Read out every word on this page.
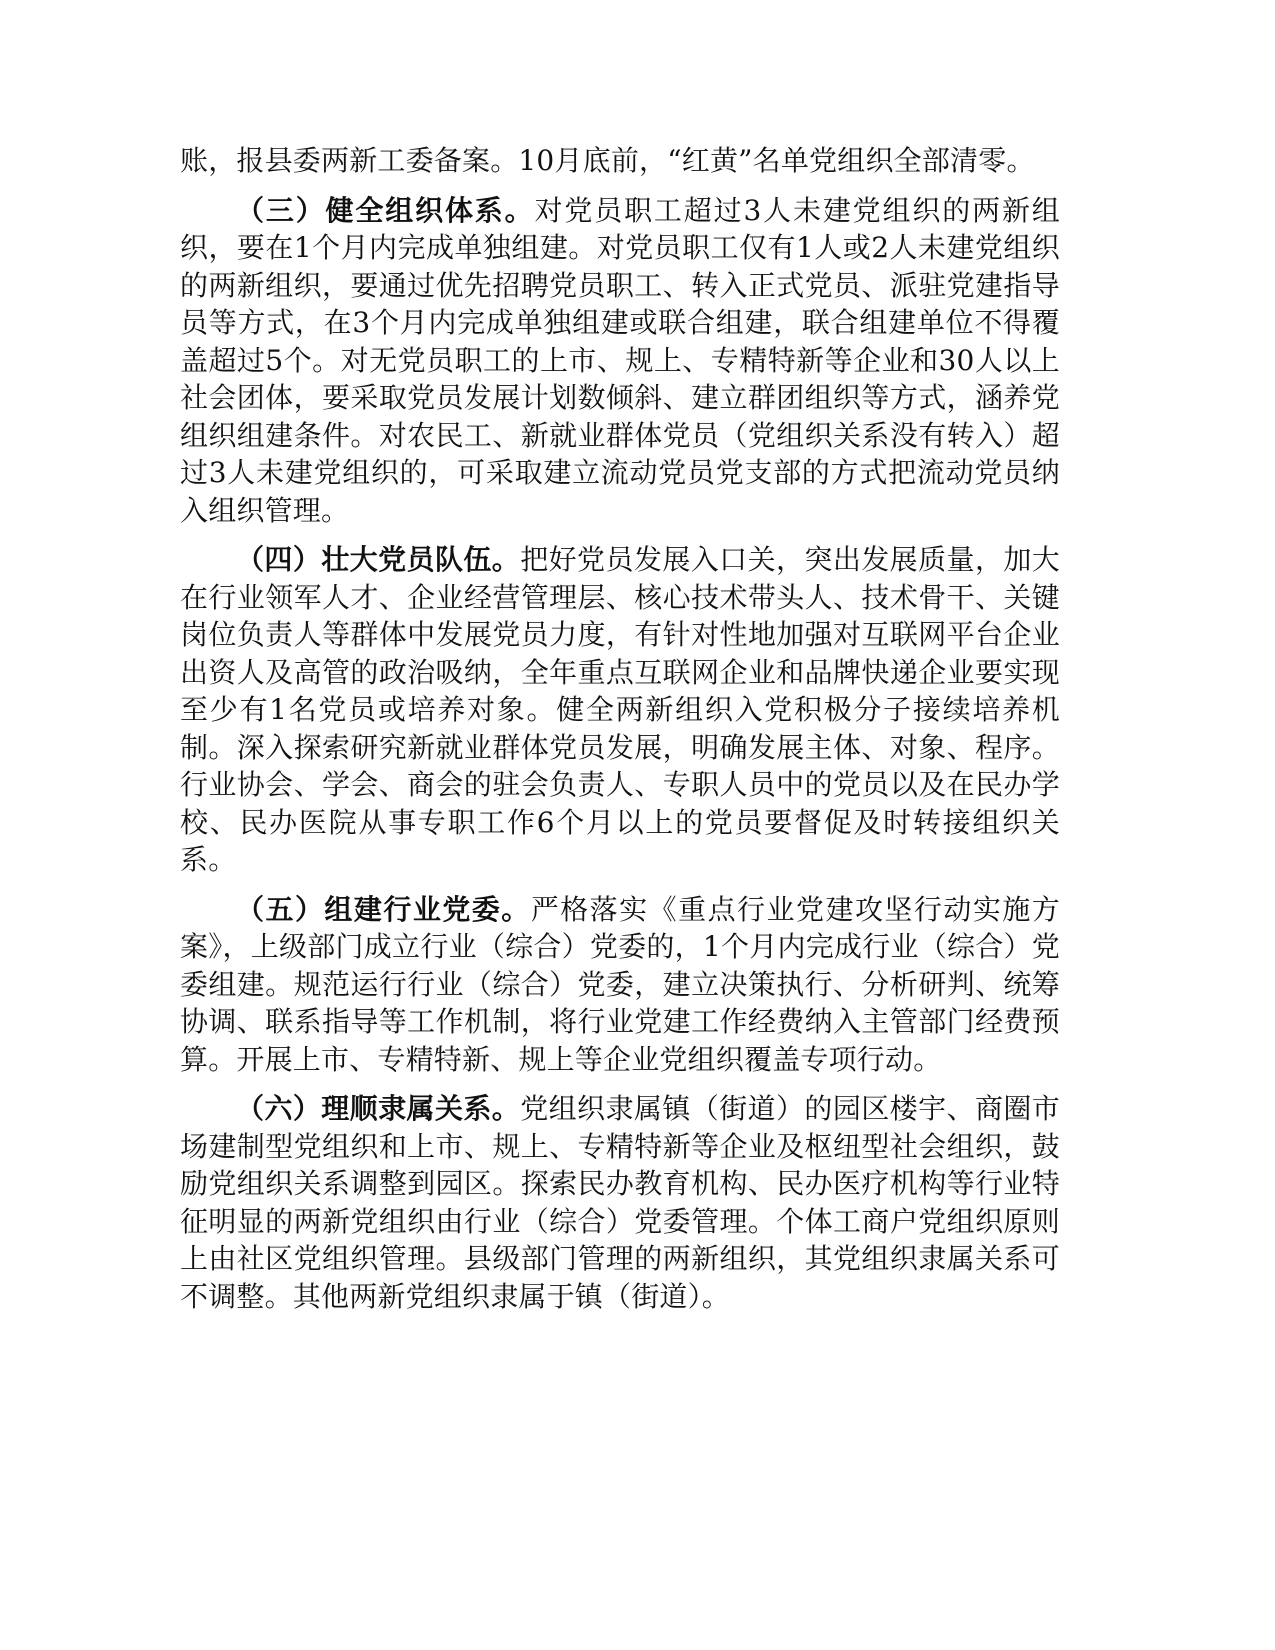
账，报县委两新工委备案。10月底前，“红黄”名单党组织全部清零。

（三）健全组织体系。对党员职工超过3人未建党组织的两新组织，要在1个月内完成单独组建。对党员职工仅有1人或2人未建党组织的两新组织，要通过优先招聘党员职工、转入正式党员、派驻党建指导员等方式，在3个月内完成单独组建或联合组建，联合组建单位不得覆盖超过5个。对无党员职工的上市、规上、专精特新等企业和30人以上社会团体，要采取党员发展计划数倾斜、建立群团组织等方式，涵养党组织组建条件。对农民工、新就业群体党员（党组织关系没有转入）超过3人未建党组织的，可采取建立流动党员党支部的方式把流动党员纳入组织管理。

（四）壮大党员队伍。把好党员发展入口关，突出发展质量，加大在行业领军人才、企业经营管理层、核心技术带头人、技术骨干、关键岗位负责人等群体中发展党员力度，有针对性地加强对互联网平台企业出资人及高管的政治吸纳，全年重点互联网企业和品牌快递企业要实现至少有1名党员或培养对象。健全两新组织入党积极分子接续培养机制。深入探索研究新就业群体党员发展，明确发展主体、对象、程序。行业协会、学会、商会的驻会负责人、专职人员中的党员以及在民办学校、民办医院从事专职工作6个月以上的党员要督促及时转接组织关系。

（五）组建行业党委。严格落实《重点行业党建攻坚行动实施方案》，上级部门成立行业（综合）党委的，1个月内完成行业（综合）党委组建。规范运行行业（综合）党委，建立决策执行、分析研判、统筹协调、联系指导等工作机制，将行业党建工作经费纳入主管部门经费预算。开展上市、专精特新、规上等企业党组织覆盖专项行动。

（六）理顺隶属关系。党组织隶属镇（街道）的园区楼宇、商圈市场建制型党组织和上市、规上、专精特新等企业及枢纽型社会组织，鼓励党组织关系调整到园区。探索民办教育机构、民办医疗机构等行业特征明显的两新党组织由行业（综合）党委管理。个体工商户党组织原则上由社区党组织管理。县级部门管理的两新组织，其党组织隶属关系可不调整。其他两新党组织隶属于镇（街道）。
